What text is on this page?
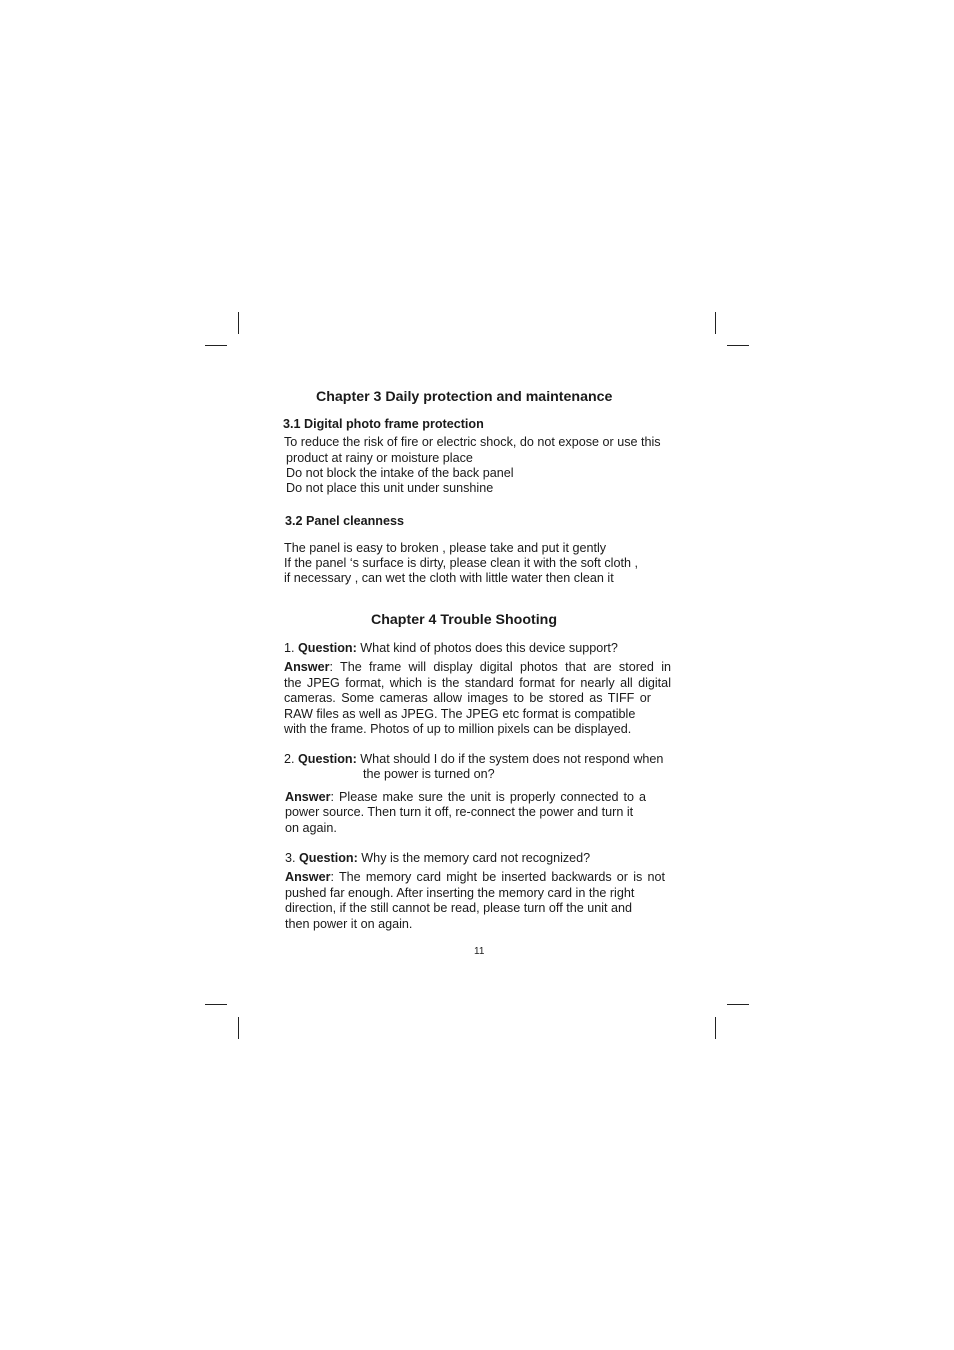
Chapter 3 Daily protection and maintenance
3.1 Digital photo frame protection
To reduce the risk of fire or electric shock, do not expose or use this
product at rainy or moisture place
Do not block the intake of the back panel
Do not place this unit under sunshine
3.2 Panel cleanness
The panel is easy to broken , please take and put it gently
If the panel ‘s surface is dirty, please clean it with the soft cloth ,
if necessary , can wet the cloth with little water then clean it
Chapter 4 Trouble Shooting
1. Question: What kind of photos does this device support?
Answer: The frame will display digital photos that are stored in
the JPEG format, which is the standard format for nearly all digital
cameras. Some cameras allow images to be stored as TIFF or
RAW files as well as JPEG. The JPEG etc format is compatible
with the frame. Photos of up to million pixels can be displayed.
2. Question: What should I do if the system does not respond when
the power is turned on?
Answer: Please make sure the unit is properly connected to a
power source. Then turn it off, re-connect the power and turn it
on again.
3. Question: Why is the memory card not recognized?
Answer: The memory card might be inserted backwards or is not
pushed far enough. After inserting the memory card in the right
direction, if the still cannot be read, please turn off the unit and
then power it on again.
11
